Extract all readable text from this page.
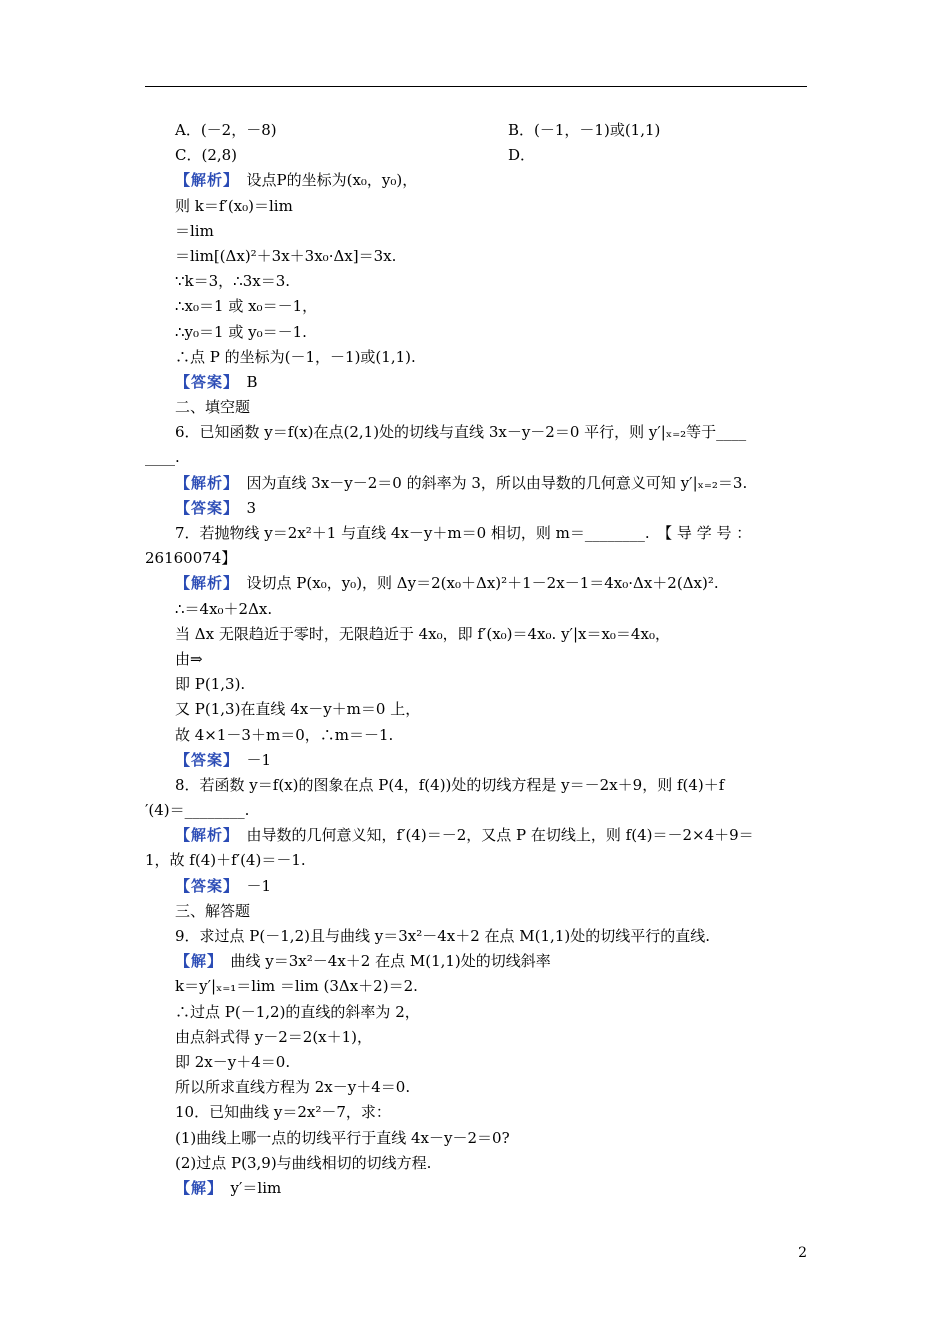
A．(－2，－8)	B．(－1，－1)或(1,1)
C．(2,8)	D．
【解析】　设点P的坐标为(x₀，y₀)，
则 k＝f′(x₀)＝lim
＝lim
＝lim[(Δx)²＋3x＋3x₀·Δx]＝3x.
∵k＝3，∴3x＝3.
∴x₀＝1 或 x₀＝－1，
∴y₀＝1 或 y₀＝－1.
∴点 P 的坐标为(－1，－1)或(1,1).
【答案】　B
二、填空题
6．已知函数 y＝f(x)在点(2,1)处的切线与直线 3x－y－2＝0 平行，则 y′|ₓ₌₂等于____
____.
【解析】　因为直线 3x－y－2＝0 的斜率为 3，所以由导数的几何意义可知 y′|ₓ₌₂＝3.
【答案】　3
7．若抛物线 y＝2x²＋1 与直线 4x－y＋m＝0 相切，则 m＝________.　【 导 学 号 ：
26160074】
【解析】　设切点 P(x₀，y₀)，则 Δy＝2(x₀＋Δx)²＋1－2x－1＝4x₀·Δx＋2(Δx)².
∴＝4x₀＋2Δx.
当 Δx 无限趋近于零时，无限趋近于 4x₀，即 f′(x₀)＝4x₀. y′|x＝x₀＝4x₀，
由⇒
即 P(1,3).
又 P(1,3)在直线 4x－y＋m＝0 上，
故 4×1－3＋m＝0，∴m＝－1.
【答案】　－1
8．若函数 y＝f(x)的图象在点 P(4，f(4))处的切线方程是 y＝－2x＋9，则 f(4)＋f
′(4)＝________.
【解析】　由导数的几何意义知，f′(4)＝－2，又点 P 在切线上，则 f(4)＝－2×4＋9＝
1，故 f(4)＋f′(4)＝－1.
【答案】　－1
三、解答题
9．求过点 P(－1,2)且与曲线 y＝3x²－4x＋2 在点 M(1,1)处的切线平行的直线.
【解】　曲线 y＝3x²－4x＋2 在点 M(1,1)处的切线斜率
k＝y′|ₓ₌₁＝lim ＝lim (3Δx＋2)＝2.
∴过点 P(－1,2)的直线的斜率为 2，
由点斜式得 y－2＝2(x＋1)，
即 2x－y＋4＝0.
所以所求直线方程为 2x－y＋4＝0.
10．已知曲线 y＝2x²－7，求：
(1)曲线上哪一点的切线平行于直线 4x－y－2＝0?
(2)过点 P(3,9)与曲线相切的切线方程.
【解】　y′＝lim
2
